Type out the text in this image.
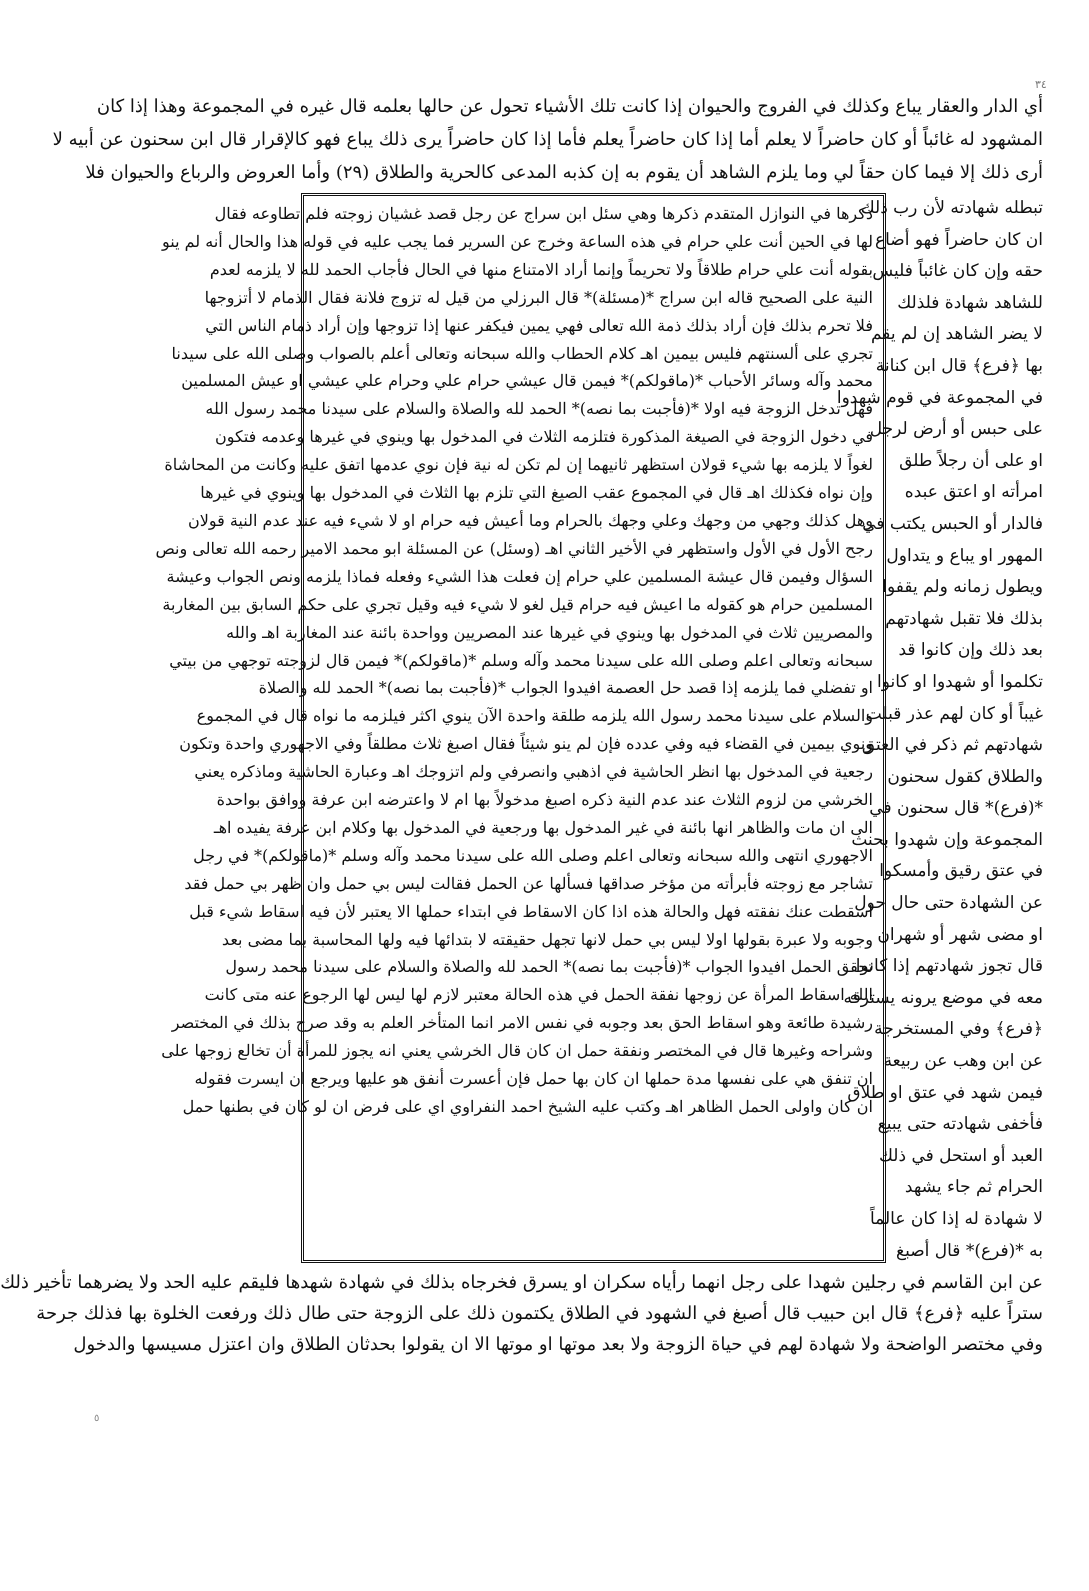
٣٤
أي الدار والعقار يباع وكذلك في الفروج والحيوان إذا كانت تلك الأشياء تحول عن حالها بعلمه قال غيره في المجموعة وهذا إذا كان
المشهود له غائباً أو كان حاضراً لا يعلم أما إذا كان حاضراً يعلم فأما إذا كان حاضراً يرى ذلك يباع فهو كالإقرار قال ابن سحنون عن أبيه لا
أرى ذلك إلا فيما كان حقاً لي وما يلزم الشاهد أن يقوم به إن كذبه المدعى كالحرية والطلاق (٢٩) وأما العروض والرباع والحيوان فلا
تبطله شهادته لأن رب ذلك
ان كان حاضراً فهو أضاع
حقه وإن كان غائباً فليس
للشاهد شهادة فلذلك
لا يضر الشاهد إن لم يقم
بها ﴿فرع﴾ قال ابن كنانة
في المجموعة في قوم شهدوا
على حبس أو أرض لرجل
او على أن رجلاً طلق
امرأته او اعتق عبده
فالدار أو الحبس يكتب في
المهور او يباع و يتداول
ويطول زمانه ولم يقفوا
بذلك فلا تقبل شهادتهم
بعد ذلك وإن كانوا قد
تكلموا أو شهدوا او كانوا
غيباً أو كان لهم عذر قبلت
شهادتهم ثم ذكر في العتق
والطلاق كقول سحنون
*(فرع)* قال سحنون في
المجموعة وإن شهدوا بحنث
في عتق رقيق وأمسكوا
عن الشهادة حتى حال حول
او مضى شهر أو شهران
قال تجوز شهادتهم إذا كانوا
معه في موضع يرونه يسترقه
﴿فرع﴾ وفي المستخرجة
عن ابن وهب عن ربيعة
فيمن شهد في عتق او طلاق
فأخفى شهادته حتى يبيع
العبد أو استحل في ذلك
الحرام ثم جاء يشهد
لا شهادة له إذا كان عالماً
به *(فرع)* قال أصبغ
ذكرها في النوازل المتقدم ذكرها وهي سئل ابن سراج عن رجل قصد غشيان زوجته فلم تطاوعه فقال
لها في الحين أنت علي حرام في هذه الساعة وخرج عن السرير فما يجب عليه في قوله هذا والحال أنه لم ينو
بقوله أنت علي حرام طلاقاً ولا تحريماً وإنما أراد الامتناع منها في الحال فأجاب الحمد لله لا يلزمه لعدم
النية على الصحيح قاله ابن سراج *(مسئلة)* قال البرزلي من قيل له تزوج فلانة فقال الذمام لا أتزوجها
فلا تحرم بذلك فإن أراد بذلك ذمة الله تعالى فهي يمين فيكفر عنها إذا تزوجها وإن أراد ذمام الناس التي
تجري على ألسنتهم فليس بيمين اهـ كلام الحطاب والله سبحانه وتعالى أعلم بالصواب وصلى الله على سيدنا
محمد وآله وسائر الأحباب *(ماقولكم)* فيمن قال عيشي حرام علي وحرام علي عيشي او عيش المسلمين
فهل تدخل الزوجة فيه اولا *(فأجبت بما نصه)* الحمد لله والصلاة والسلام على سيدنا محمد رسول الله
في دخول الزوجة في الصيغة المذكورة فتلزمه الثلاث في المدخول بها وينوي في غيرها وعدمه فتكون
لغواً لا يلزمه بها شيء قولان استظهر ثانيهما إن لم تكن له نية فإن نوي عدمها اتفق عليه وكانت من المحاشاة
وإن نواه فكذلك اهـ قال في المجموع عقب الصيغ التي تلزم بها الثلاث في المدخول بها وينوي في غيرها
وهل كذلك وجهي من وجهك وعلي وجهك بالحرام وما أعيش فيه حرام او لا شيء فيه عند عدم النية قولان
رجح الأول في الأول واستظهر في الأخير الثاني اهـ (وسئل) عن المسئلة ابو محمد الامير رحمه الله تعالى ونص
السؤال وفيمن قال عيشة المسلمين علي حرام إن فعلت هذا الشيء وفعله فماذا يلزمه ونص الجواب وعيشة
المسلمين حرام هو كقوله ما اعيش فيه حرام قيل لغو لا شيء فيه وقيل تجري على حكم السابق بين المغاربة
والمصريين ثلاث في المدخول بها وينوي في غيرها عند المصريين وواحدة بائنة عند المغاربة اهـ والله
سبحانه وتعالى اعلم وصلى الله على سيدنا محمد وآله وسلم *(ماقولكم)* فيمن قال لزوجته توجهي من بيتي
او تفضلي فما يلزمه إذا قصد حل العصمة افيدوا الجواب *(فأجبت بما نصه)* الحمد لله والصلاة
والسلام على سيدنا محمد رسول الله يلزمه طلقة واحدة الآن ينوي اكثر فيلزمه ما نواه قال في المجموع
ونوي بيمين في القضاء فيه وفي عدده فإن لم ينو شيئاً فقال اصبغ ثلاث مطلقاً وفي الاجهوري واحدة وتكون
رجعية في المدخول بها انظر الحاشية في اذهبي وانصرفي ولم اتزوجك اهـ وعبارة الحاشية وماذكره يعني
الخرشي من لزوم الثلاث عند عدم النية ذكره اصبغ مدخولاً بها ام لا واعترضه ابن عرفة ووافق بواحدة
الى ان مات والظاهر انها بائنة في غير المدخول بها ورجعية في المدخول بها وكلام ابن عرفة يفيده اهـ
الاجهوري انتهى والله سبحانه وتعالى اعلم وصلى الله على سيدنا محمد وآله وسلم *(ماقولكم)* في رجل
تشاجر مع زوجته فأبرأته من مؤخر صداقها فسألها عن الحمل فقالت ليس بي حمل وان ظهر بي حمل فقد
اسقطت عنك نفقته فهل والحالة هذه اذا كان الاسقاط في ابتداء حملها الا يعتبر لأن فيه اسقاط شيء قبل
وجوبه ولا عبرة بقولها اولا ليس بي حمل لانها تجهل حقيقته لا بتدائها فيه ولها المحاسبة بما مضى بعد
تحقق الحمل افيدوا الجواب *(فأجبت بما نصه)* الحمد لله والصلاة والسلام على سيدنا محمد رسول
الله اسقاط المرأة عن زوجها نفقة الحمل في هذه الحالة معتبر لازم لها ليس لها الرجوع عنه متى كانت
رشيدة طائعة وهو اسقاط الحق بعد وجوبه في نفس الامر انما المتأخر العلم به وقد صرح بذلك في المختصر
وشراحه وغيرها قال في المختصر ونفقة حمل ان كان قال الخرشي يعني انه يجوز للمرأة أن تخالع زوجها على
ان تنفق هي على نفسها مدة حملها ان كان بها حمل فإن أعسرت أنفق هو عليها ويرجع ان ايسرت فقوله
ان كان واولى الحمل الظاهر اهـ وكتب عليه الشيخ احمد النفراوي اي على فرض ان لو كان في بطنها حمل
عن ابن القاسم في رجلين شهدا على رجل انهما رأياه سكران او يسرق فخرجاه بذلك في شهادة شهدها فليقم عليه الحد ولا يضرهما تأخير ذلك
ستراً عليه ﴿فرع﴾ قال ابن حبيب قال أصبغ في الشهود في الطلاق يكتمون ذلك على الزوجة حتى طال ذلك ورفعت الخلوة بها فذلك جرحة
وفي مختصر الواضحة ولا شهادة لهم في حياة الزوجة ولا بعد موتها او موتها الا ان يقولوا بحدثان الطلاق وان اعتزل مسيسها والدخول
٥
